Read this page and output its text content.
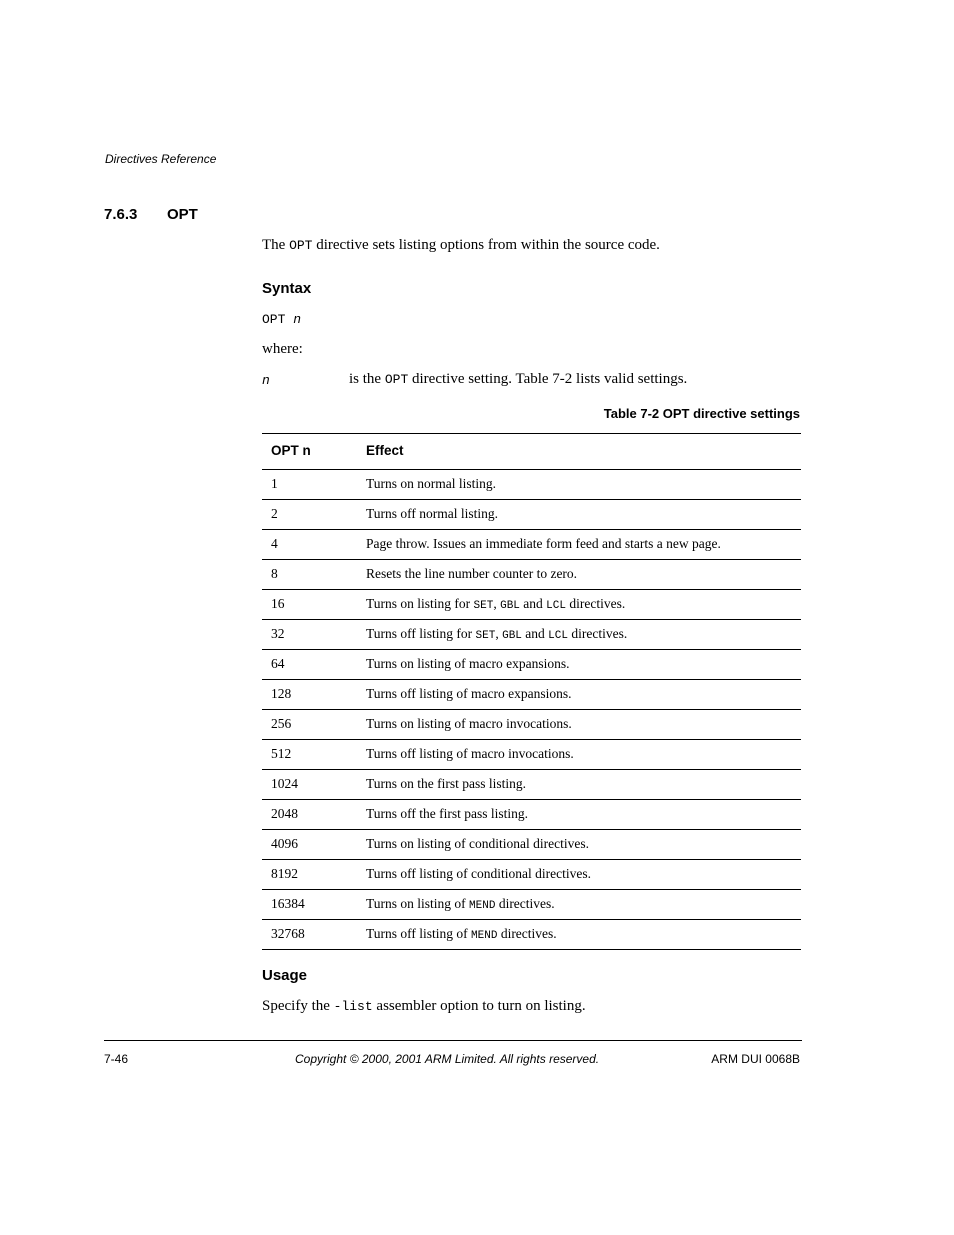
Directives Reference
7.6.3 OPT
The OPT directive sets listing options from within the source code.
Syntax
OPT n
where:
n	is the OPT directive setting. Table 7-2 lists valid settings.
Table 7-2 OPT directive settings
OPT n	Effect
1	Turns on normal listing.
2	Turns off normal listing.
4	Page throw. Issues an immediate form feed and starts a new page.
8	Resets the line number counter to zero.
16	Turns on listing for SET, GBL and LCL directives.
32	Turns off listing for SET, GBL and LCL directives.
64	Turns on listing of macro expansions.
128	Turns off listing of macro expansions.
256	Turns on listing of macro invocations.
512	Turns off listing of macro invocations.
1024	Turns on the first pass listing.
2048	Turns off the first pass listing.
4096	Turns on listing of conditional directives.
8192	Turns off listing of conditional directives.
16384	Turns on listing of MEND directives.
32768	Turns off listing of MEND directives.
Usage
Specify the -list assembler option to turn on listing.
7-46	Copyright © 2000, 2001 ARM Limited. All rights reserved.	ARM DUI 0068B
